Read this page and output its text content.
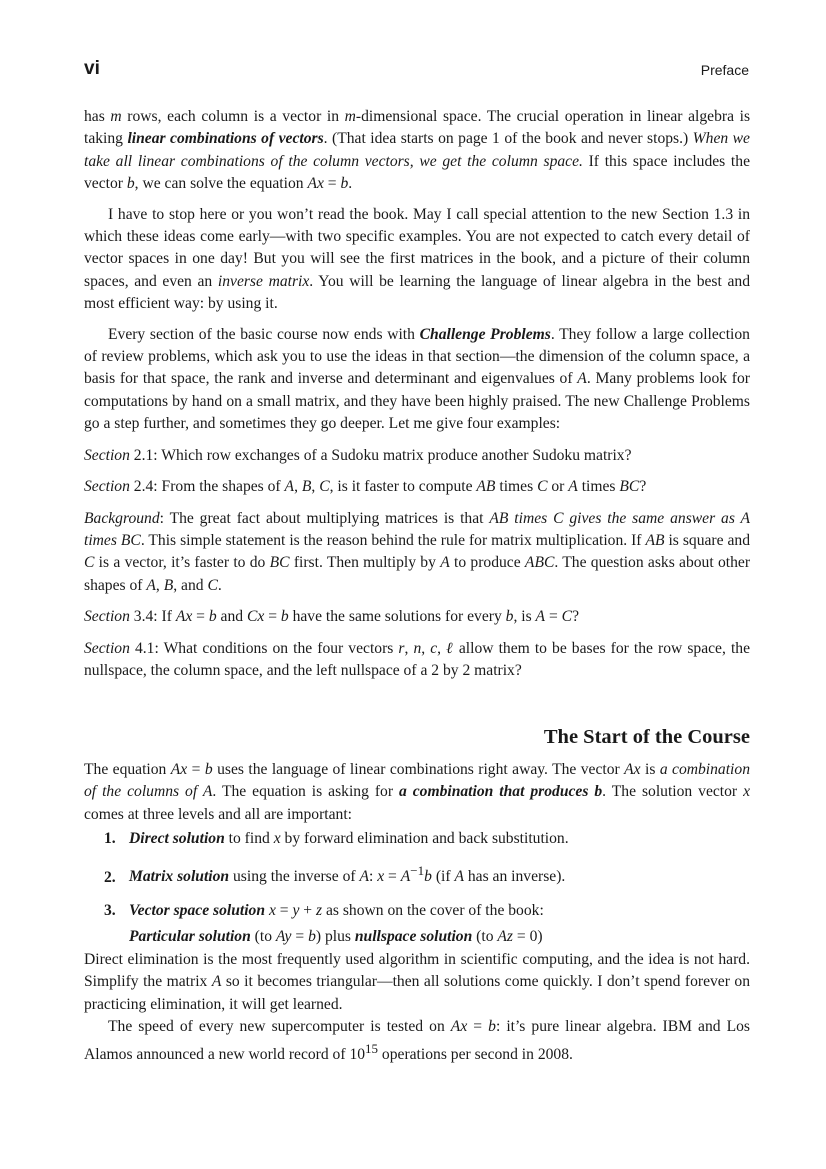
vi	Preface

has m rows, each column is a vector in m-dimensional space. The crucial operation in linear algebra is taking linear combinations of vectors. (That idea starts on page 1 of the book and never stops.) When we take all linear combinations of the column vectors, we get the column space. If this space includes the vector b, we can solve the equation Ax = b.

I have to stop here or you won’t read the book. May I call special attention to the new Section 1.3 in which these ideas come early—with two specific examples. You are not expected to catch every detail of vector spaces in one day! But you will see the first matrices in the book, and a picture of their column spaces, and even an inverse matrix. You will be learning the language of linear algebra in the best and most efficient way: by using it.

Every section of the basic course now ends with Challenge Problems. They follow a large collection of review problems, which ask you to use the ideas in that section—the dimension of the column space, a basis for that space, the rank and inverse and determinant and eigenvalues of A. Many problems look for computations by hand on a small matrix, and they have been highly praised. The new Challenge Problems go a step further, and sometimes they go deeper. Let me give four examples:

Section 2.1: Which row exchanges of a Sudoku matrix produce another Sudoku matrix?

Section 2.4: From the shapes of A, B, C, is it faster to compute AB times C or A times BC?

Background: The great fact about multiplying matrices is that AB times C gives the same answer as A times BC. This simple statement is the reason behind the rule for matrix multiplication. If AB is square and C is a vector, it’s faster to do BC first. Then multiply by A to produce ABC. The question asks about other shapes of A, B, and C.

Section 3.4: If Ax = b and Cx = b have the same solutions for every b, is A = C?

Section 4.1: What conditions on the four vectors r, n, c, ℓ allow them to be bases for the row space, the nullspace, the column space, and the left nullspace of a 2 by 2 matrix?

The Start of the Course

The equation Ax = b uses the language of linear combinations right away. The vector Ax is a combination of the columns of A. The equation is asking for a combination that produces b. The solution vector x comes at three levels and all are important:

1. Direct solution to find x by forward elimination and back substitution.
2. Matrix solution using the inverse of A: $x = A^{-1}b$ (if A has an inverse).
3. Vector space solution x = y + z as shown on the cover of the book:

Particular solution (to Ay = b) plus nullspace solution (to Az = 0)

Direct elimination is the most frequently used algorithm in scientific computing, and the idea is not hard. Simplify the matrix A so it becomes triangular—then all solutions come quickly. I don’t spend forever on practicing elimination, it will get learned.

The speed of every new supercomputer is tested on Ax = b: it’s pure linear algebra. IBM and Los Alamos announced a new world record of $10^{15}$ operations per second in 2008.
